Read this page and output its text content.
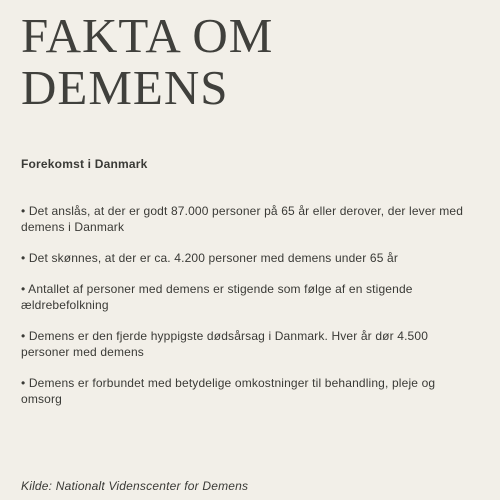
FAKTA OM
DEMENS
Forekomst i Danmark
• Det anslås, at der er godt 87.000 personer på 65 år eller derover, der lever med demens i Danmark
• Det skønnes, at der er ca. 4.200 personer med demens under 65 år
• Antallet af personer med demens er stigende som følge af en stigende ældrebefolkning
• Demens er den fjerde hyppigste dødsårsag i Danmark. Hver år dør 4.500 personer med demens
• Demens er forbundet med betydelige omkostninger til behandling, pleje og omsorg

Kilde: Nationalt Videnscenter for Demens
